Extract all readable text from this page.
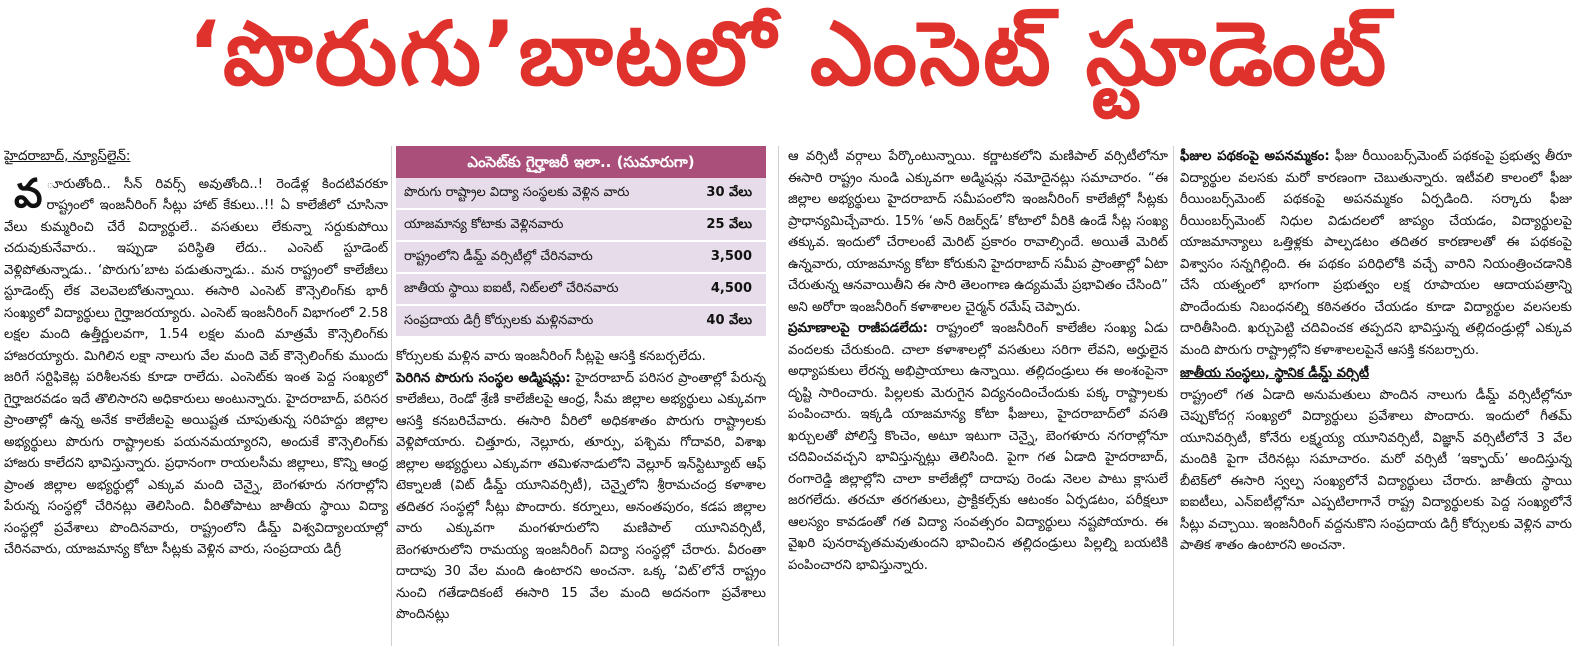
‘పొరుగు’బాటలో ఎంసెట్ స్టూడెంట్

హైదరాబాద్, న్యూస్‌లైన్:

వ ూరుతోంది.. సీన్ రివర్స్ అవుతోంది..! రెండేళ్ల కిందటివరకూ రాష్ట్రంలో ఇంజనీరింగ్ సీట్లు హాట్ కేకులు..!! ఏ కాలేజీలో చూసినా వేలు కుమ్మరించి చేరే విద్యార్థులే.. వసతులు లేకున్నా సర్దుకుపోయి చదువుకునేవారు.. ఇప్పుడా పరిస్థితి లేదు.. ఎంసెట్ స్టూడెంట్ వెళ్లిపోతున్నాడు.. ‘పొరుగు’బాట పడుతున్నాడు.. మన రాష్ట్రంలో కాలేజీలు స్టూడెంట్స్ లేక వెలవెలబోతున్నాయి. ఈసారి ఎంసెట్ కౌన్సెలింగ్‌కు భారీ సంఖ్యలో విద్యార్థులు గైర్హాజరయ్యారు. ఎంసెట్ ఇంజనీరింగ్ విభాగంలో 2.58 లక్షల మంది ఉత్తీర్ణులవగా, 1.54 లక్షల మంది మాత్రమే కౌన్సెలింగ్‌కు హాజరయ్యారు. మిగిలిన లక్షా నాలుగు వేల మంది వెబ్ కౌన్సెలింగ్‌కు ముందు జరిగే సర్టిఫికెట్ల పరిశీలనకు కూడా రాలేదు. ఎంసెట్‌కు ఇంత పెద్ద సంఖ్యలో గైర్హాజరవడం ఇదే తొలిసారని అధికారులు అంటున్నారు. హైదరాబాద్, పరిసర ప్రాంతాల్లో ఉన్న అనేక కాలేజీలపై అయిష్టత చూపుతున్న సరిహద్దు జిల్లాల అభ్యర్థులు పొరుగు రాష్ట్రాలకు పయనమయ్యారని, అందుకే కౌన్సెలింగ్‌కు హాజరు కాలేదని భావిస్తున్నారు. ప్రధానంగా రాయలసీమ జిల్లాలు, కొన్ని ఆంధ్ర ప్రాంత జిల్లాల అభ్యర్థుల్లో ఎక్కువ మంది చెన్నై, బెంగళూరు నగరాల్లోని పేరున్న సంస్థల్లో చేరినట్లు తెలిసింది. వీరితోపాటు జాతీయ స్థాయి విద్యా సంస్థల్లో ప్రవేశాలు పొందినవారు, రాష్ట్రంలోని డీమ్డ్ విశ్వవిద్యాలయాల్లో చేరినవారు, యాజమాన్య కోటా సీట్లకు వెళ్లిన వారు, సంప్రదాయ డిగ్రీ

ఎంసెట్‌కు గైర్హాజరీ ఇలా.. (సుమారుగా)
పొరుగు రాష్ట్రాల విద్యా సంస్థలకు వెళ్లిన వారు	30 వేలు
యాజమాన్య కోటాకు వెళ్లినవారు	25 వేలు
రాష్ట్రంలోని డీమ్డ్ వర్సిటీల్లో చేరినవారు	3,500
జాతీయ స్థాయి ఐఐటీ, నిట్‌లలో చేరినవారు	4,500
సంప్రదాయ డిగ్రీ కోర్సులకు మళ్లినవారు	40 వేలు

కోర్సులకు మళ్లిన వారు ఇంజనీరింగ్ సీట్లపై ఆసక్తి కనబర్చలేదు.

పెరిగిన పొరుగు సంస్థల అడ్మిషన్లు: హైదరాబాద్ పరిసర ప్రాంతాల్లో పేరున్న కాలేజీలు, రెండో శ్రేణి కాలేజీలపై ఆంధ్ర, సీమ జిల్లాల అభ్యర్థులు ఎక్కువగా ఆసక్తి కనబరిచేవారు. ఈసారి వీరిలో అధికశాతం పొరుగు రాష్ట్రాలకు వెళ్లిపోయారు. చిత్తూరు, నెల్లూరు, తూర్పు, పశ్చిమ గోదావరి, విశాఖ జిల్లాల అభ్యర్థులు ఎక్కువగా తమిళనాడులోని వెల్లూర్ ఇన్‌స్టిట్యూట్ ఆఫ్ టెక్నాలజీ (విట్ డీమ్డ్ యూనివర్సిటీ), చెన్నైలోని శ్రీరామచంద్ర కళాశాల తదితర సంస్థల్లో సీట్లు పొందారు. కర్నూలు, అనంతపురం, కడప జిల్లాల వారు ఎక్కువగా మంగళూరులోని మణిపాల్ యూనివర్సిటీ, బెంగళూరులోని రామయ్య ఇంజనీరింగ్ విద్యా సంస్థల్లో చేరారు. వీరంతా దాదాపు 30 వేల మంది ఉంటారని అంచనా. ఒక్క ‘విట్’లోనే రాష్ట్రం నుంచి గతేడాదికంటే ఈసారి 15 వేల మంది అదనంగా ప్రవేశాలు పొందినట్లు

ఆ వర్సిటీ వర్గాలు పేర్కొంటున్నాయి. కర్ణాటకలోని మణిపాల్ వర్సిటీలోనూ ఈసారి రాష్ట్రం నుండి ఎక్కువగా అడ్మిషన్లు నమోదైనట్లు సమాచారం. “ఈ జిల్లాల అభ్యర్థులు హైదరాబాద్ సమీపంలోని ఇంజనీరింగ్ కాలేజీల్లో సీట్లకు ప్రాధాన్యమిచ్చేవారు. 15% ‘అన్ రిజర్వ్‌డ్’ కోటాలో వీరికి ఉండే సీట్ల సంఖ్య తక్కువ. ఇందులో చేరాలంటే మెరిట్ ప్రకారం రావాల్సిందే. అయితే మెరిట్ ఉన్నవారు, యాజమాన్య కోటా కోరుకుని హైదరాబాద్ సమీప ప్రాంతాల్లో ఏటా చేరుతున్న ఆనవాయితీని ఈ సారి తెలంగాణ ఉద్యమమే ప్రభావితం చేసింది” అని అరోరా ఇంజనీరింగ్ కళాశాలల చైర్మన్ రమేష్ చెప్పారు.

ప్రమాణాలపై రాజీపడలేదు: రాష్ట్రంలో ఇంజనీరింగ్ కాలేజీల సంఖ్య ఏడు వందలకు చేరుకుంది. చాలా కళాశాలల్లో వసతులు సరిగా లేవని, అర్హులైన అధ్యాపకులు లేరన్న అభిప్రాయాలు ఉన్నాయి. తల్లిదండ్రులు ఈ అంశంపైనా దృష్టి సారించారు. పిల్లలకు మెరుగైన విద్యనందించేందుకు పక్క రాష్ట్రాలకు పంపించారు. ఇక్కడి యాజమాన్య కోటా ఫీజులు, హైదరాబాద్‌లో వసతి ఖర్చులతో పోలిస్తే కొంచెం, అటూ ఇటుగా చెన్నై, బెంగళూరు నగరాల్లోనూ చదివించవచ్చని భావిస్తున్నట్లు తెలిసింది. పైగా గత ఏడాది హైదరాబాద్, రంగారెడ్డి జిల్లాల్లోని చాలా కాలేజీల్లో దాదాపు రెండు నెలల పాటు క్లాసులే జరగలేదు. తరచూ తరగతులు, ప్రాక్టికల్స్‌కు ఆటంకం ఏర్పడటం, పరీక్షలూ ఆలస్యం కావడంతో గత విద్యా సంవత్సరం విద్యార్థులు నష్టపోయారు. ఈ వైఖరి పునరావృతమవుతుందని భావించిన తల్లిదండ్రులు పిల్లల్ని బయటికి పంపించారని భావిస్తున్నారు.

ఫీజుల పథకంపై అపనమ్మకం: ఫీజు రీయింబర్స్‌మెంట్ పథకంపై ప్రభుత్వ తీరూ విద్యార్థుల వలసకు మరో కారణంగా చెబుతున్నారు. ఇటీవలి కాలంలో ఫీజు రీయింబర్స్‌మెంట్ పథకంపై అపనమ్మకం ఏర్పడింది. సర్కారు ఫీజు రీయింబర్స్‌మెంట్ నిధుల విడుదలలో జాప్యం చేయడం, విద్యార్థులపై యాజమాన్యాలు ఒత్తిళ్లకు పాల్పడటం తదితర కారణాలతో ఈ పథకంపై విశ్వాసం సన్నగిల్లింది. ఈ పథకం పరిధిలోకి వచ్చే వారిని నియంత్రించడానికి చేసే యత్నంలో భాగంగా ప్రభుత్వం లక్ష రూపాయల ఆదాయపత్రాన్ని పొందేందుకు నిబంధనల్ని కఠినతరం చేయడం కూడా విద్యార్థుల వలసలకు దారితీసింది. ఖర్చుపెట్టి చదివించక తప్పదని భావిస్తున్న తల్లిదండ్రుల్లో ఎక్కువ మంది పొరుగు రాష్ట్రాల్లోని కళాశాలలపైనే ఆసక్తి కనబర్చారు.

జాతీయ సంస్థలు, స్థానిక డీమ్డ్ వర్సిటీ

రాష్ట్రంలో గత ఏడాది అనుమతులు పొందిన నాలుగు డీమ్డ్ వర్సిటీల్లోనూ చెప్పుకోదగ్గ సంఖ్యలో విద్యార్థులు ప్రవేశాలు పొందారు. ఇందులో గీతమ్ యూనివర్సిటీ, కోనేరు లక్ష్మయ్య యూనివర్సిటీ, విజ్ఞాన్ వర్సిటీలోనే 3 వేల మందికి పైగా చేరినట్లు సమాచారం. మరో వర్సిటీ ‘ఇక్ఫాయ్’ అందిస్తున్న బీటెక్‌లో ఈసారి స్వల్ప సంఖ్యలోనే విద్యార్థులు చేరారు. జాతీయ స్థాయి ఐఐటీలు, ఎన్‌ఐటీల్లోనూ ఎప్పటిలాగానే రాష్ట్ర విద్యార్థులకు పెద్ద సంఖ్యలోనే సీట్లు వచ్చాయి. ఇంజనీరింగ్ వద్దనుకొని సంప్రదాయ డిగ్రీ కోర్సులకు వెళ్లిన వారు పాతిక శాతం ఉంటారని అంచనా.
